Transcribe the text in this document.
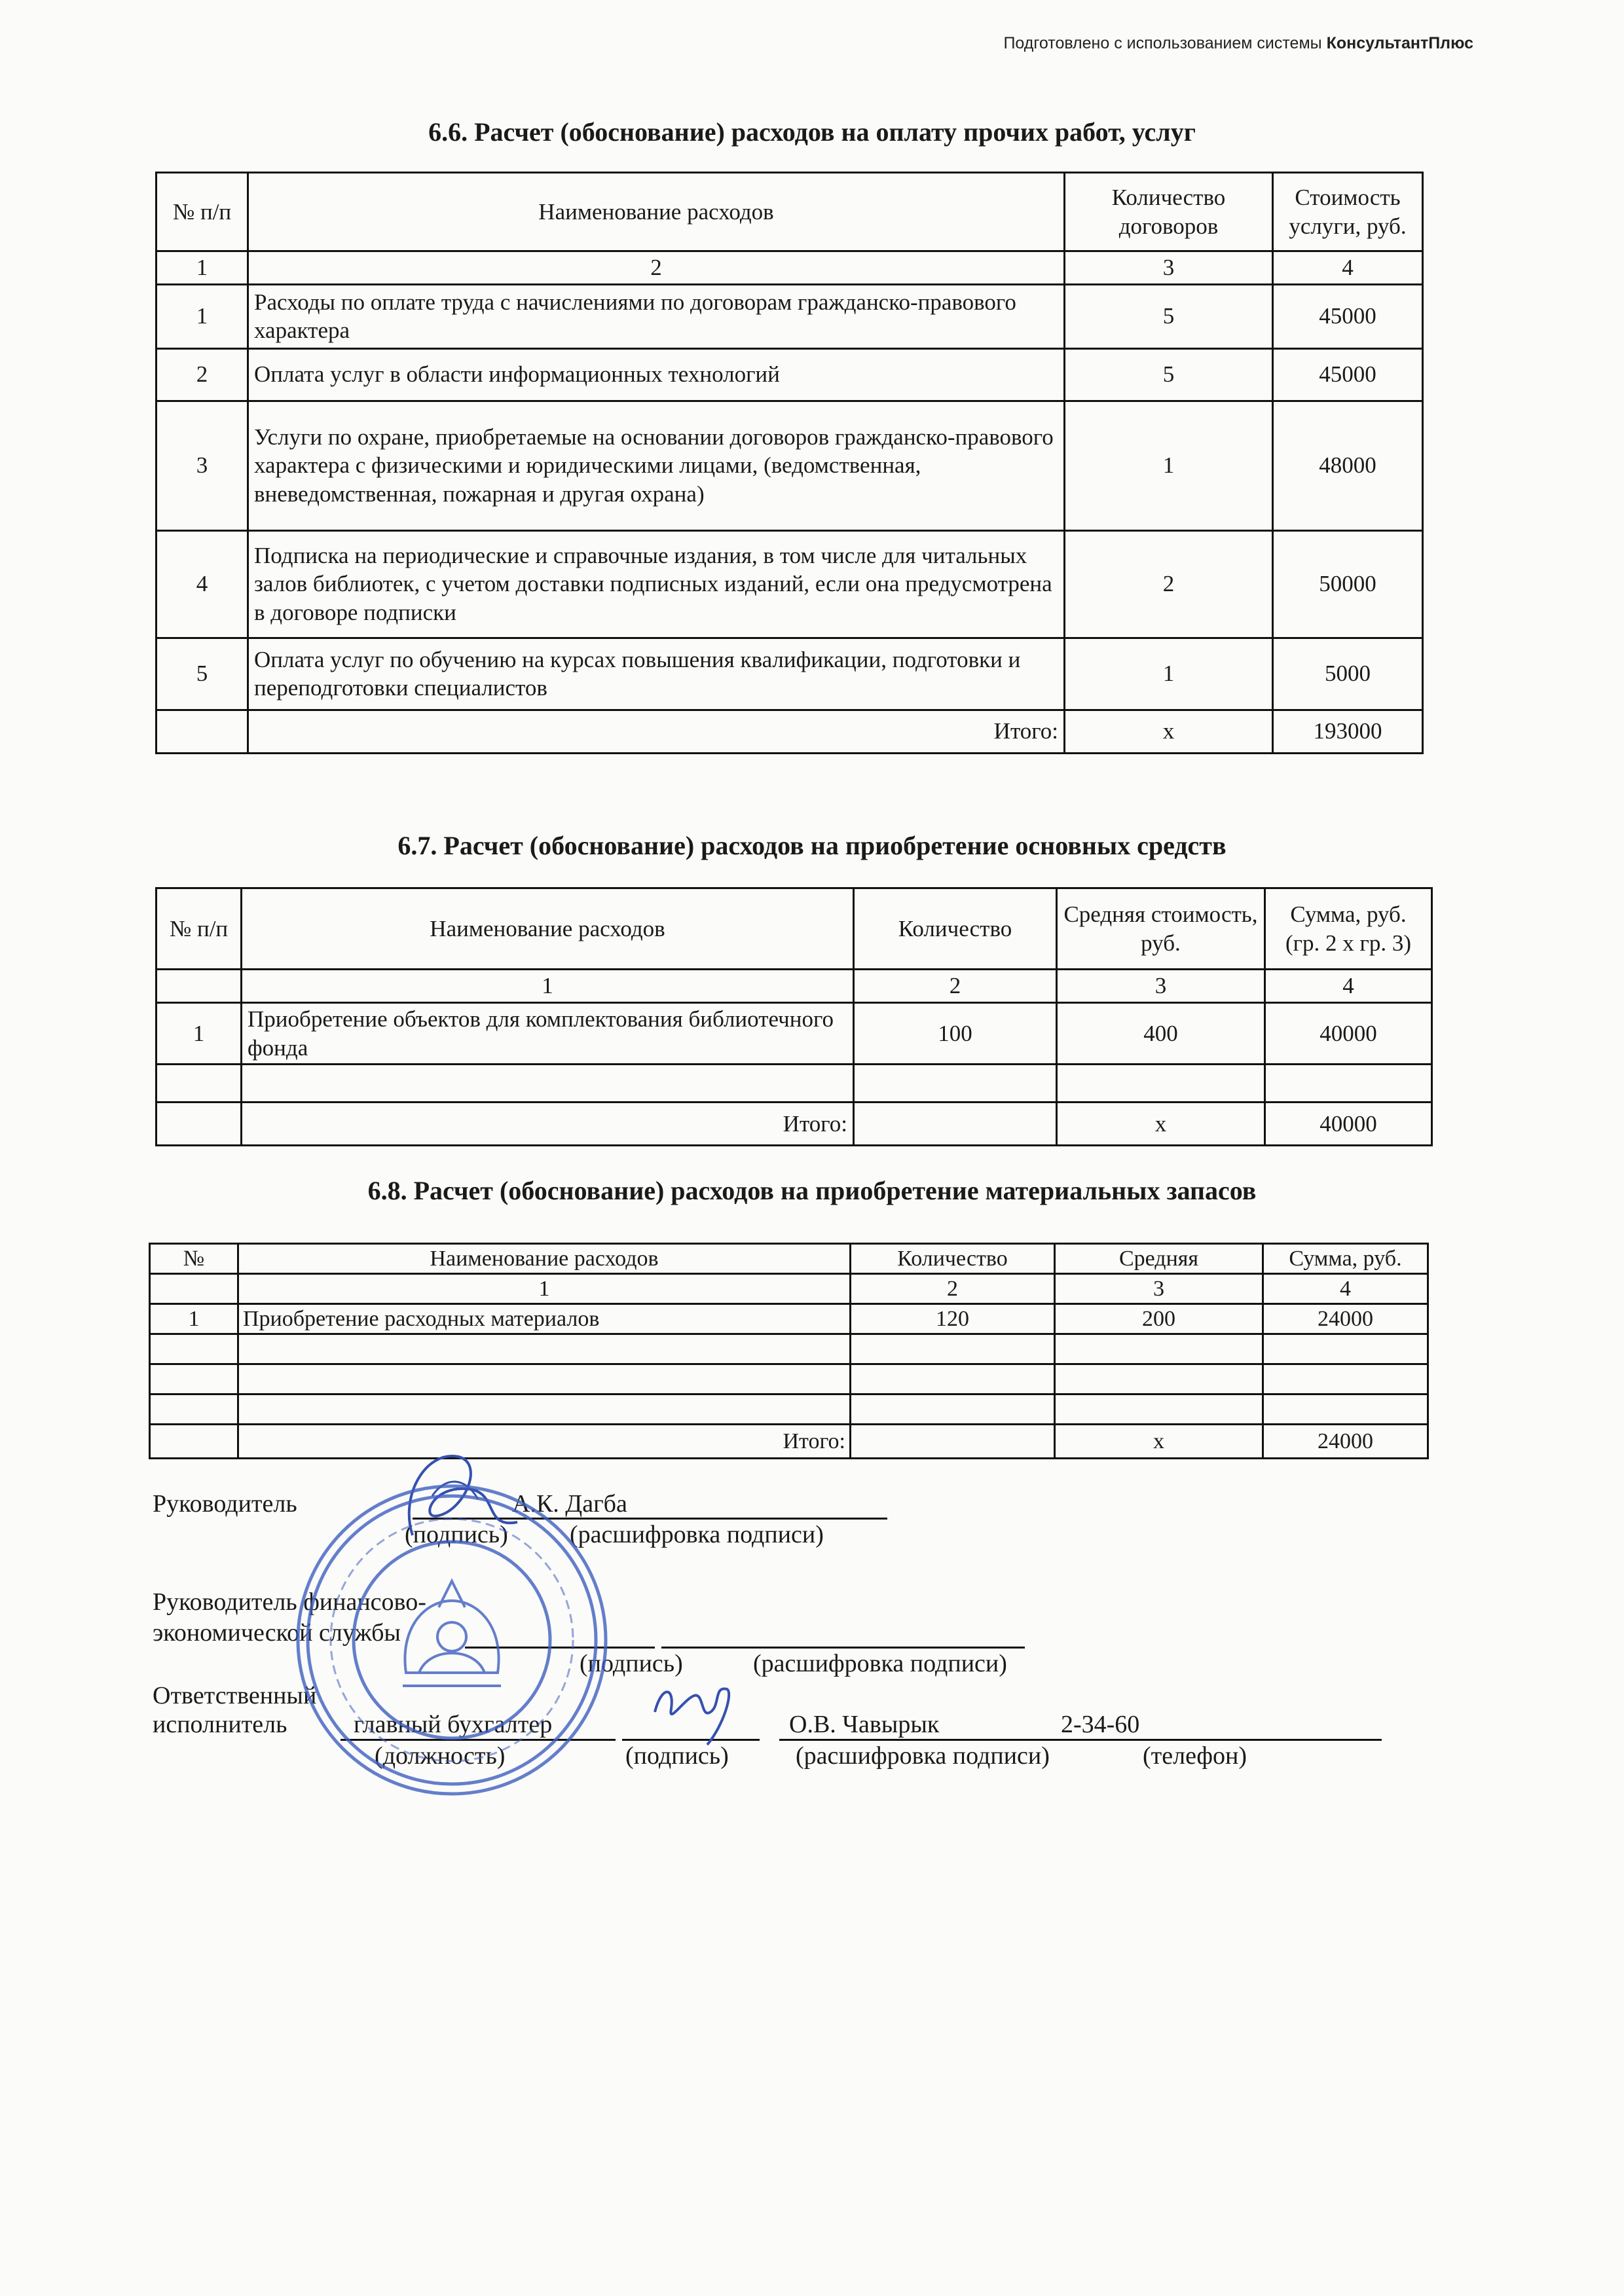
Подготовлено с использованием системы КонсультантПлюс
6.6. Расчет (обоснование) расходов на оплату прочих работ, услуг
№ п/п	Наименование расходов	Количество договоров	Стоимость услуги, руб.
1	2	3	4
1	Расходы по оплате труда с начислениями по договорам гражданско-правового характера	5	45000
2	Оплата услуг в области информационных технологий	5	45000
3	Услуги по охране, приобретаемые на основании договоров гражданско-правового характера с физическими и юридическими лицами, (ведомственная, вневедомственная, пожарная и другая охрана)	1	48000
4	Подписка на периодические и справочные издания, в том числе для читальных залов библиотек, с учетом доставки подписных изданий, если она предусмотрена в договоре подписки	2	50000
5	Оплата услуг по обучению на курсах повышения квалификации, подготовки и переподготовки специалистов	1	5000
	Итого:	х	193000
6.7. Расчет (обоснование) расходов на приобретение основных средств
№ п/п	Наименование расходов	Количество	Средняя стоимость, руб.	Сумма, руб. (гр. 2 х гр. 3)
	1	2	3	4
1	Приобретение объектов для комплектования библиотечного фонда	100	400	40000

	Итого:		х	40000
6.8. Расчет (обоснование) расходов на приобретение материальных запасов
№	Наименование расходов	Количество	Средняя	Сумма, руб.
	1	2	3	4
1	Приобретение расходных материалов	120	200	24000

	Итого:		х	24000
Руководитель	А.К. Дагба
(подпись) (расшифровка подписи)
Руководитель финансово-
экономической службы
(подпись)	(расшифровка подписи)
Ответственный
исполнитель	главный бухгалтер	О.В. Чавырык	2-34-60
(должность)	(подпись)	(расшифровка подписи)	(телефон)
